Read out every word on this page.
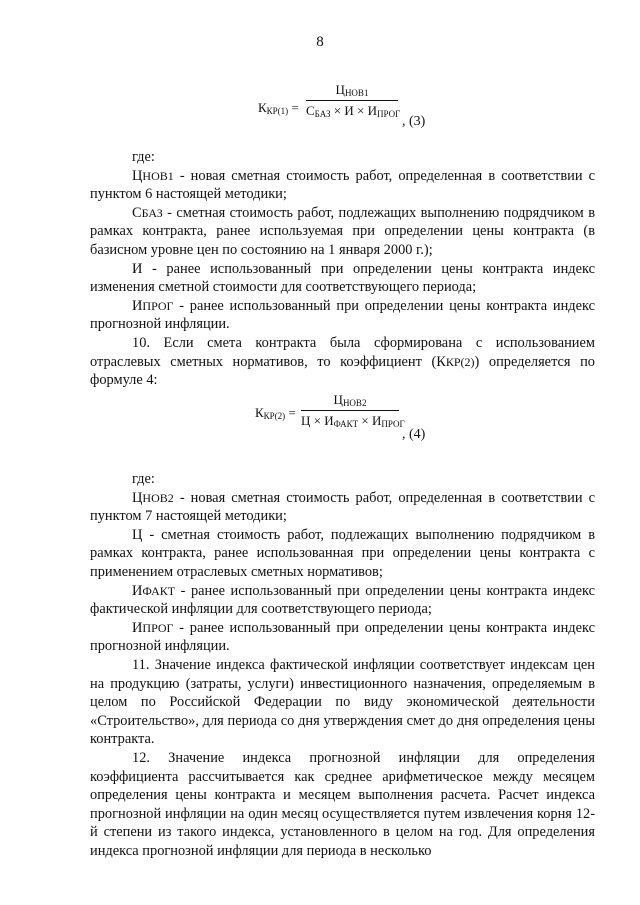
8
$К_{КР(1)}$ =
$Ц_{НОВ1}$
$С_{БАЗ} \times И \times И_{ПРОГ}$ , (3)

где:

ЦНОВ1 - новая сметная стоимость работ, определенная в соответствии с пунктом 6 настоящей методики;

СБАЗ - сметная стоимость работ, подлежащих выполнению подрядчиком в рамках контракта, ранее используемая при определении цены контракта (в базисном уровне цен по состоянию на 1 января 2000 г.);

И - ранее использованный при определении цены контракта индекс изменения сметной стоимости для соответствующего периода;

ИПРОГ - ранее использованный при определении цены контракта индекс прогнозной инфляции.

10. Если смета контракта была сформирована с использованием отраслевых сметных нормативов, то коэффициент (ККР(2)) определяется по формуле 4:

$К_{КР(2)}$ =
$Ц_{НОВ2}$
$Ц \times И_{ФАКТ} \times И_{ПРОГ}$
, (4)

где:

ЦНОВ2 - новая сметная стоимость работ, определенная в соответствии с пунктом 7 настоящей методики;

Ц - сметная стоимость работ, подлежащих выполнению подрядчиком в рамках контракта, ранее использованная при определении цены контракта с применением отраслевых сметных нормативов;

ИФАКТ - ранее использованный при определении цены контракта индекс фактической инфляции для соответствующего периода;

ИПРОГ - ранее использованный при определении цены контракта индекс прогнозной инфляции.

11. Значение индекса фактической инфляции соответствует индексам цен на продукцию (затраты, услуги) инвестиционного назначения, определяемым в целом по Российской Федерации по виду экономической деятельности «Строительство», для периода со дня утверждения смет до дня определения цены контракта.

12. Значение индекса прогнозной инфляции для определения коэффициента рассчитывается как среднее арифметическое между месяцем определения цены контракта и месяцем выполнения расчета. Расчет индекса прогнозной инфляции на один месяц осуществляется путем извлечения корня 12-й степени из такого индекса, установленного в целом на год. Для определения индекса прогнозной инфляции для периода в несколько
